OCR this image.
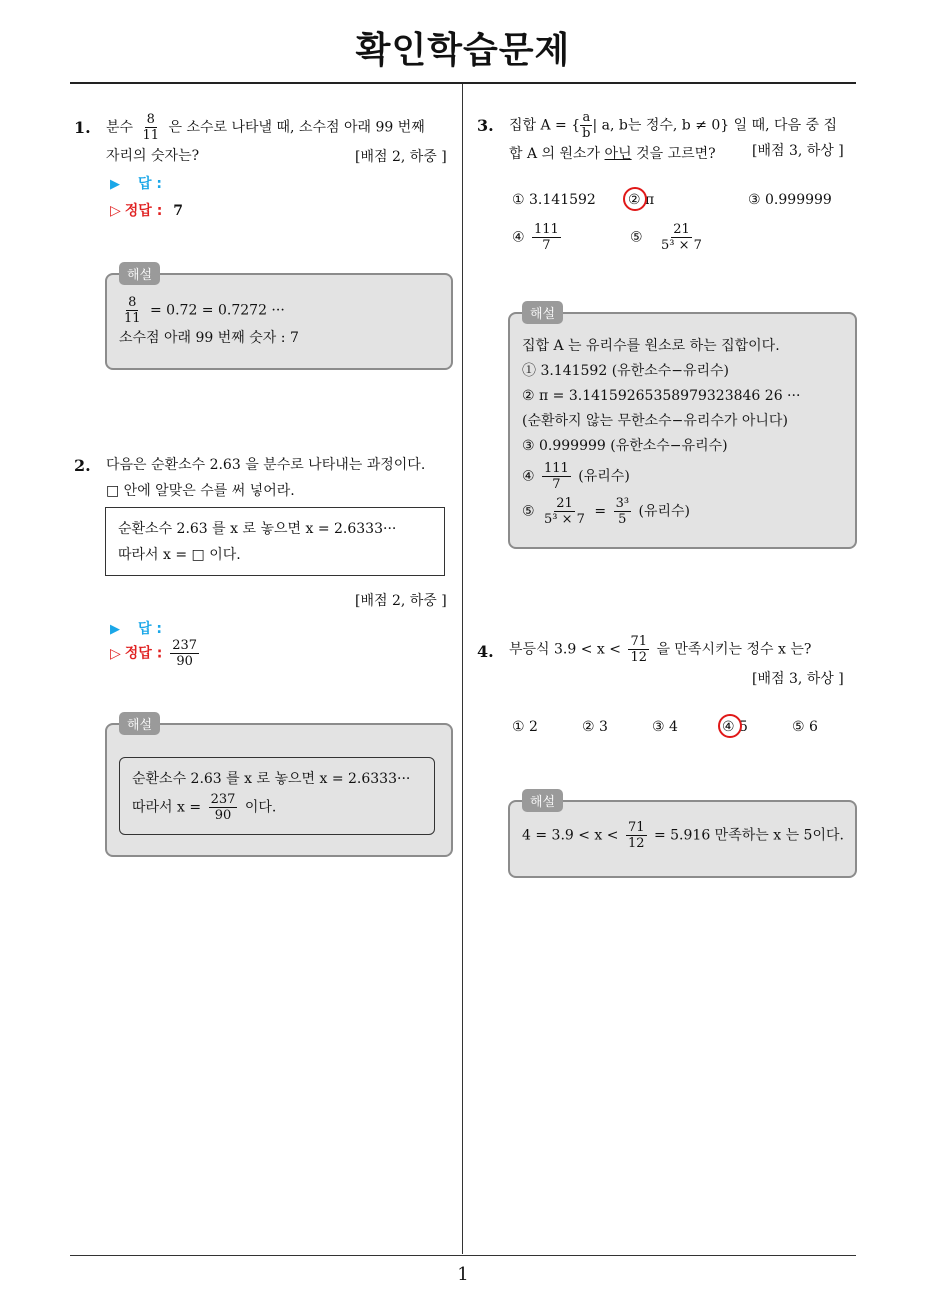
확인학습문제
1. 분수 $\frac{8}{11}$ 은 소수로 나타낼 때, 소수점 아래 99 번째
자리의 숫자는?	[배점 2, 하중 ]
▶ 답 :
▷ 정답 : 7
해설
$\frac{8}{11} = 0.72 = 0.7272$ ···
소수점 아래 99 번째 숫자 : 7
2. 다음은 순환소수 2.63 을 분수로 나타내는 과정이다.
□ 안에 알맞은 수를 써 넣어라.
순환소수 2.63 를 x 로 놓으면 x = 2.6333···
따라서 x = □ 이다.
[배점 2, 하중 ]
▶ 답 :
▷ 정답 : $\frac{237}{90}$
해설
순환소수 2.63 를 x 로 놓으면 x = 2.6333···
따라서 $x = \frac{237}{90}$ 이다.
3. 집합 A = { $\frac{a}{b}$ | a, b는 정수, b ≠ 0} 일 때, 다음 중 집
합 A 의 원소가 아닌 것을 고르면?	[배점 3, 하상 ]
① 3.141592 ② π	③ 0.999999
④ $\frac{111}{7}$	⑤ $\frac{21}{\text{5³ × 7}}$
해설
집합 A 는 유리수를 원소로 하는 집합이다.
① 3.141592 (유한소수−유리수)
② π = 3.14159265358979323846 26 ···
(순환하지 않는 무한소수−유리수가 아니다)
③ 0.999999 (유한소수−유리수)

④ $\frac{111}{7}$ (유리수)
⑤ $\frac{21}{\text{5³ × 7}} = \frac{\text{3³}}{5}$ (유리수)
4. 부등식 $3.9 < x < \frac{71}{12}$ 을 만족시키는 정수 x 는?
[배점 3, 하상 ]
① 2	② 3	③ 4	④ 5	⑤ 6
해설
$4 = 3.9 < x < \frac{71}{12} = 5.916$ 만족하는 x 는 5이다.
1
